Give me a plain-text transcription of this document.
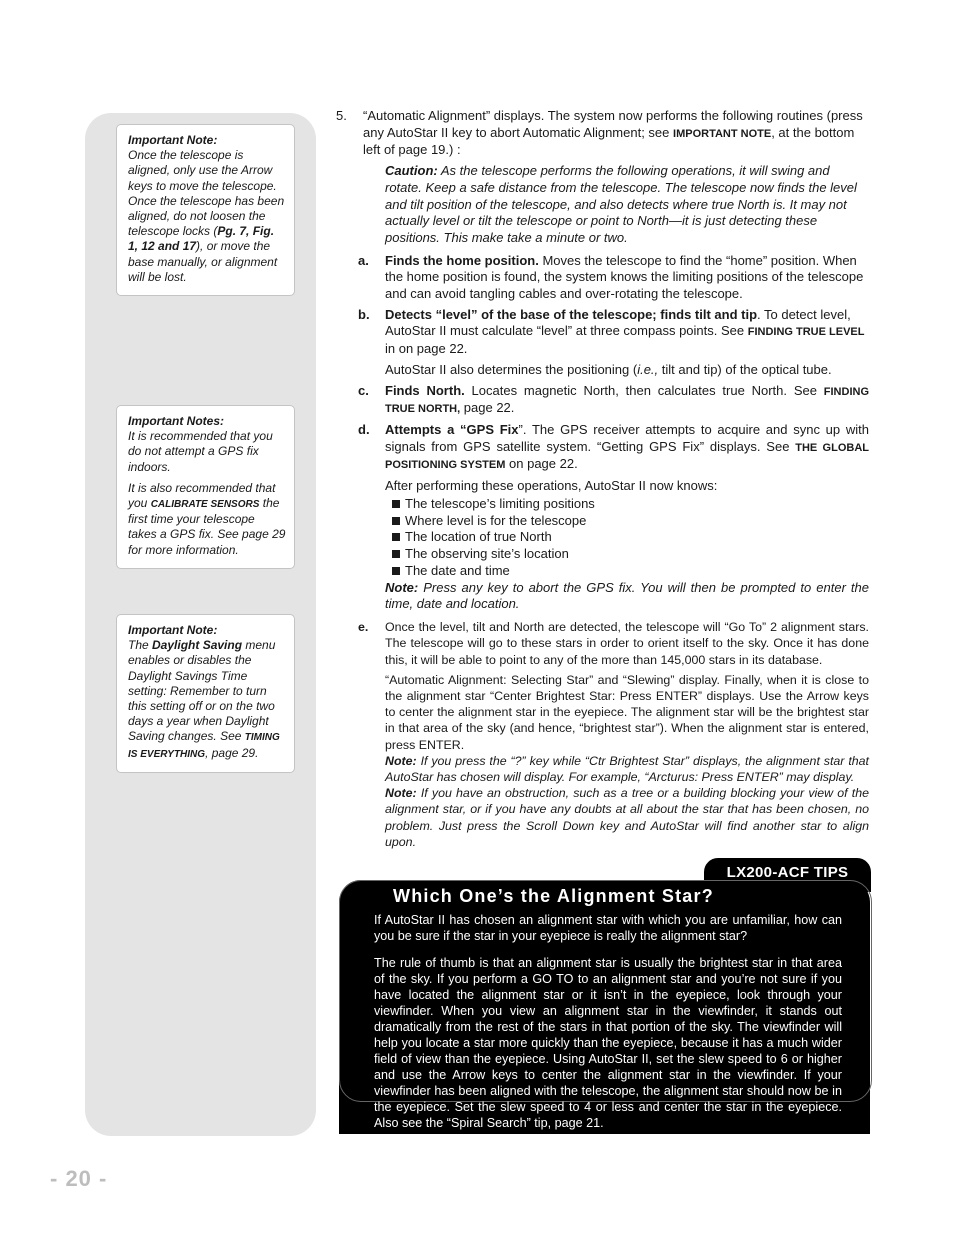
Important Note:

Once the telescope is aligned, only use the Arrow keys to move the telescope. Once the telescope has been aligned, do not loosen the telescope locks (Pg. 7, Fig. 1, 12 and 17), or move the base manually, or alignment will be lost.

Important Notes:

It is recommended that you do not attempt a GPS fix indoors.

It is also recommended that you CALIBRATE SENSORS the first time your telescope takes a GPS fix. See page 29 for more information.

Important Note:

The Daylight Saving menu enables or disables the Daylight Savings Time setting: Remember to turn this setting off or on the two days a year when Daylight Saving changes. See TIMING IS EVERYTHING, page 29.

5. “Automatic Alignment” displays. The system now performs the following routines (press any AutoStar II key to abort Automatic Alignment; see IMPORTANT NOTE, at the bottom left of page 19.) :
Caution: As the telescope performs the following operations, it will swing and rotate. Keep a safe distance from the telescope. The telescope now finds the level and tilt position of the telescope, and also detects where true North is. It may not actually level or tilt the telescope or point to North—it is just detecting these positions. This make take a minute or two.
a. Finds the home position. Moves the telescope to find the “home” position. When the home position is found, the system knows the limiting positions of the telescope and can avoid tangling cables and over-rotating the telescope.
b. Detects “level” of the base of the telescope; finds tilt and tip. To detect level, AutoStar II must calculate “level” at three compass points. See FINDING TRUE LEVEL in on page 22.
AutoStar II also determines the positioning (i.e., tilt and tip) of the optical tube.
c. Finds North. Locates magnetic North, then calculates true North. See FINDING TRUE NORTH, page 22.
d. Attempts a “GPS Fix”. The GPS receiver attempts to acquire and sync up with signals from GPS satellite system. “Getting GPS Fix” displays. See THE GLOBAL POSITIONING SYSTEM on page 22.
After performing these operations, AutoStar II now knows:
The telescope’s limiting positions
Where level is for the telescope
The location of true North
The observing site’s location
The date and time
Note: Press any key to abort the GPS fix. You will then be prompted to enter the time, date and location.
e. Once the level, tilt and North are detected, the telescope will “Go To” 2 alignment stars. The telescope will go to these stars in order to orient itself to the sky. Once it has done this, it will be able to point to any of the more than 145,000 stars in its database.
“Automatic Alignment: Selecting Star” and “Slewing” display. Finally, when it is close to the alignment star “Center Brightest Star: Press ENTER” displays. Use the Arrow keys to center the alignment star in the eyepiece. The alignment star will be the brightest star in that area of the sky (and hence, “brightest star”). When the alignment star is entered, press ENTER.
Note: If you press the “?” key while “Ctr Brightest Star” displays, the alignment star that AutoStar has chosen will display. For example, “Arcturus: Press ENTER” may display.
Note: If you have an obstruction, such as a tree or a building blocking your view of the alignment star, or if you have any doubts at all about the star that has been chosen, no problem. Just press the Scroll Down key and AutoStar will find another star to align upon.
LX200-ACF TIPS
Which One’s the Alignment Star?

If AutoStar II has chosen an alignment star with which you are unfamiliar, how can you be sure if the star in your eyepiece is really the alignment star?

The rule of thumb is that an alignment star is usually the brightest star in that area of the sky. If you perform a GO TO to an alignment star and you’re not sure if you have located the alignment star or it isn’t in the eyepiece, look through your viewfinder. When you view an alignment star in the viewfinder, it stands out dramatically from the rest of the stars in that portion of the sky. The viewfinder will help you locate a star more quickly than the eyepiece, because it has a much wider field of view than the eyepiece. Using AutoStar II, set the slew speed to 6 or higher and use the Arrow keys to center the alignment star in the viewfinder. If your viewfinder has been aligned with the telescope, the alignment star should now be in the eyepiece. Set the slew speed to 4 or less and center the star in the eyepiece. Also see the “Spiral Search” tip, page 21.

- 20 -
